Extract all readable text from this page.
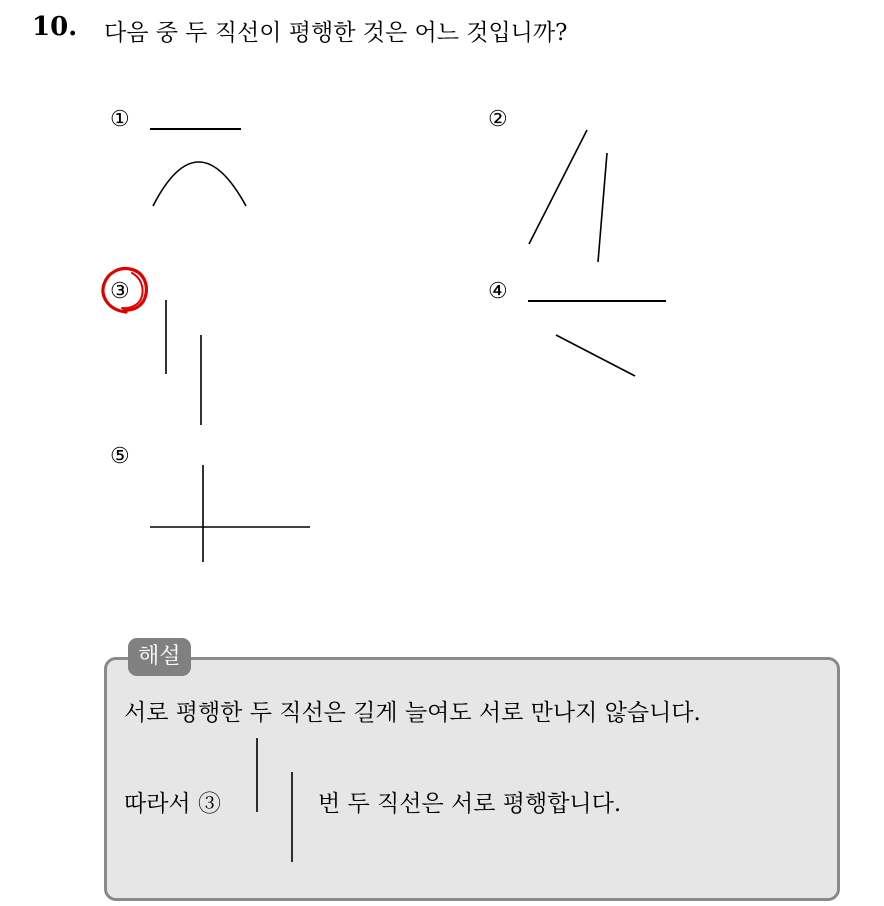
10. 다음 중 두 직선이 평행한 것은 어느 것입니까?
①	②
③	④
⑤
해설
서로 평행한 두 직선은 길게 늘여도 서로 만나지 않습니다.
따라서 ③	번 두 직선은 서로 평행합니다.
